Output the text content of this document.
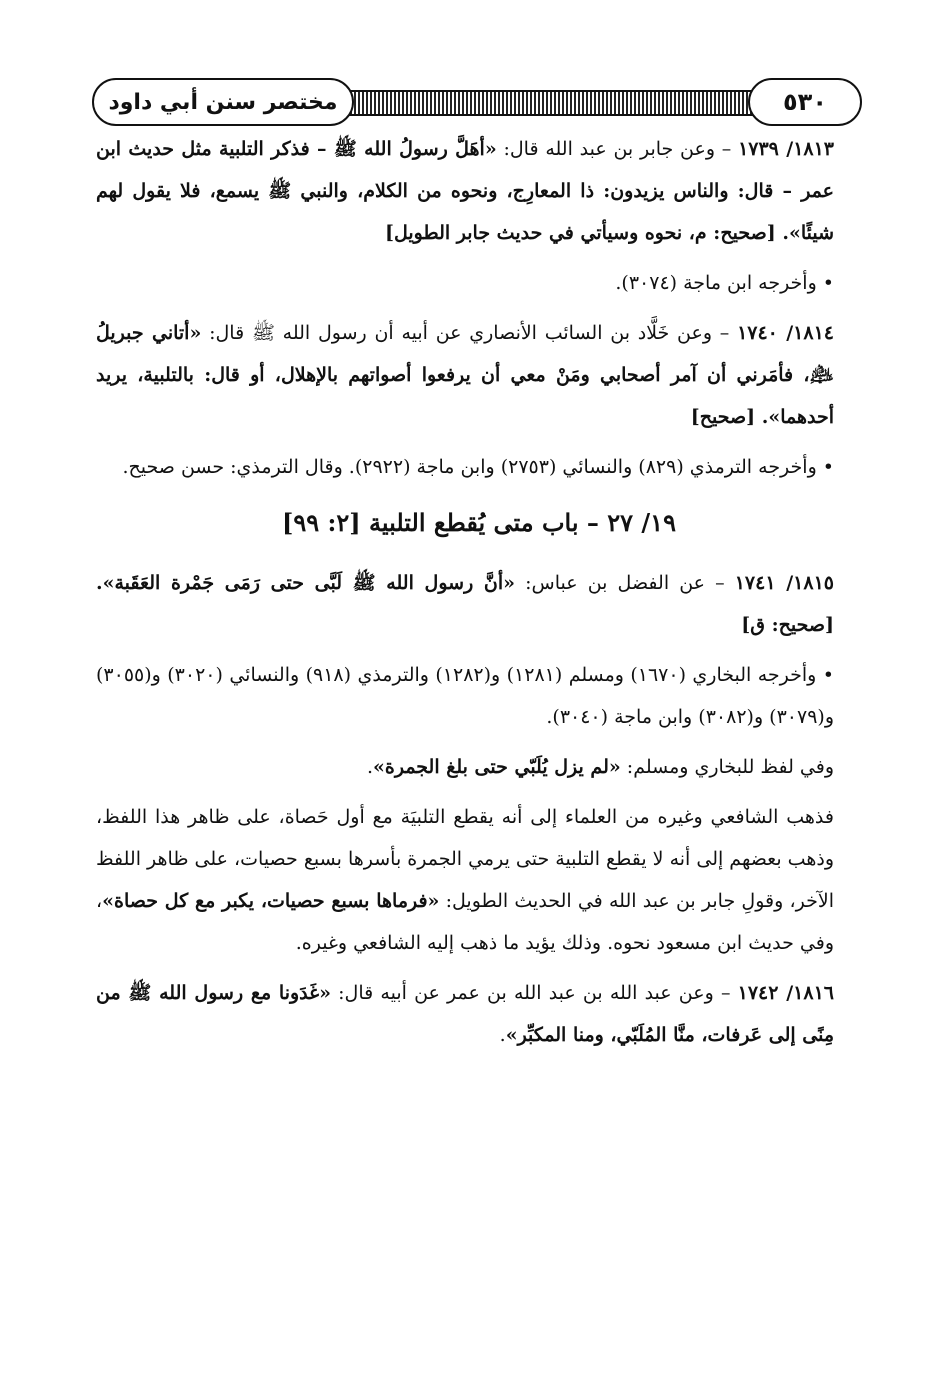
مختصر سنن أبي داود	٥٣٠

١٨١٣/ ١٧٣٩ – وعن جابر بن عبد الله قال: «أهَلَّ رسولُ الله ﷺ – فذكر التلبية مثل حديث ابن عمر – قال: والناس يزيدون: ذا المعارِج، ونحوه من الكلام، والنبي ﷺ يسمع، فلا يقول لهم شيئًا». [صحيح: م، نحوه وسيأتي في حديث جابر الطويل]

• وأخرجه ابن ماجة (٣٠٧٤).

١٨١٤/ ١٧٤٠ – وعن خَلَّاد بن السائب الأنصاري عن أبيه أن رسول الله ﷺ قال: «أتاني جبريلُ ﵇، فأمَرني أن آمر أصحابي ومَنْ معي أن يرفعوا أصواتهم بالإهلال، أو قال: بالتلبية، يريد أحدهما». [صحيح]

• وأخرجه الترمذي (٨٢٩) والنسائي (٢٧٥٣) وابن ماجة (٢٩٢٢). وقال الترمذي: حسن صحيح.

١٩/ ٢٧ – باب متى يُقطع التلبية [٢: ٩٩]

١٨١٥/ ١٧٤١ – عن الفضل بن عباس: «أنَّ رسول الله ﷺ لَبَّى حتى رَمَى جَمْرة العَقَبة». [صحيح: ق]

• وأخرجه البخاري (١٦٧٠) ومسلم (١٢٨١) و(١٢٨٢) والترمذي (٩١٨) والنسائي (٣٠٢٠) و(٣٠٥٥) و(٣٠٧٩) و(٣٠٨٢) وابن ماجة (٣٠٤٠).

وفي لفظ للبخاري ومسلم: «لم يزل يُلَبّي حتى بلغ الجمرة».

فذهب الشافعي وغيره من العلماء إلى أنه يقطع التلبيَة مع أول حَصاة، على ظاهر هذا اللفظ، وذهب بعضهم إلى أنه لا يقطع التلبية حتى يرمي الجمرة بأسرها بسبع حصيات، على ظاهر اللفظ الآخر، وقولِ جابر بن عبد الله في الحديث الطويل: «فرماها بسبع حصيات، يكبر مع كل حصاة»، وفي حديث ابن مسعود نحوه. وذلك يؤيد ما ذهب إليه الشافعي وغيره.

١٨١٦/ ١٧٤٢ – وعن عبد الله بن عبد الله بن عمر عن أبيه قال: «غَدَونا مع رسول الله ﷺ من مِنًى إلى عَرفات، منَّا المُلَبّي، ومنا المكبِّر».
